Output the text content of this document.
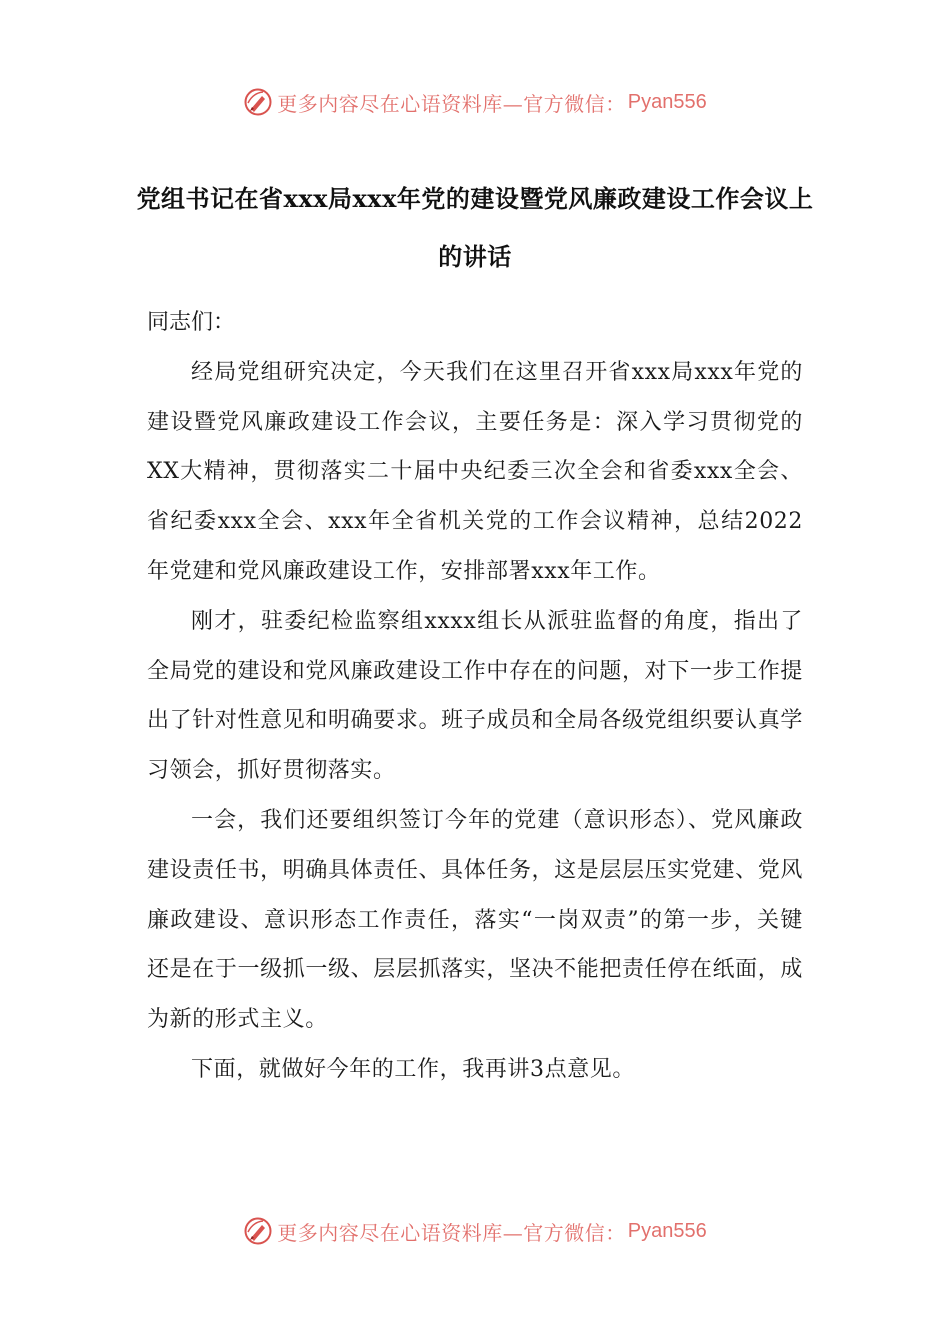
更多内容尽在心语资料库—官方微信： Pyan556
党组书记在省xxx局xxx年党的建设暨党风廉政建设工作会议上的讲话

同志们：

经局党组研究决定，今天我们在这里召开省xxx局xxx年党的建设暨党风廉政建设工作会议，主要任务是：深入学习贯彻党的XX大精神，贯彻落实二十届中央纪委三次全会和省委xxx全会、省纪委xxx全会、xxx年全省机关党的工作会议精神，总结2022年党建和党风廉政建设工作，安排部署xxx年工作。

刚才，驻委纪检监察组xxxx组长从派驻监督的角度，指出了全局党的建设和党风廉政建设工作中存在的问题，对下一步工作提出了针对性意见和明确要求。班子成员和全局各级党组织要认真学习领会，抓好贯彻落实。

一会，我们还要组织签订今年的党建（意识形态）、党风廉政建设责任书，明确具体责任、具体任务，这是层层压实党建、党风廉政建设、意识形态工作责任，落实“一岗双责”的第一步，关键还是在于一级抓一级、层层抓落实，坚决不能把责任停在纸面，成为新的形式主义。

下面，就做好今年的工作，我再讲3点意见。

更多内容尽在心语资料库—官方微信： Pyan556
